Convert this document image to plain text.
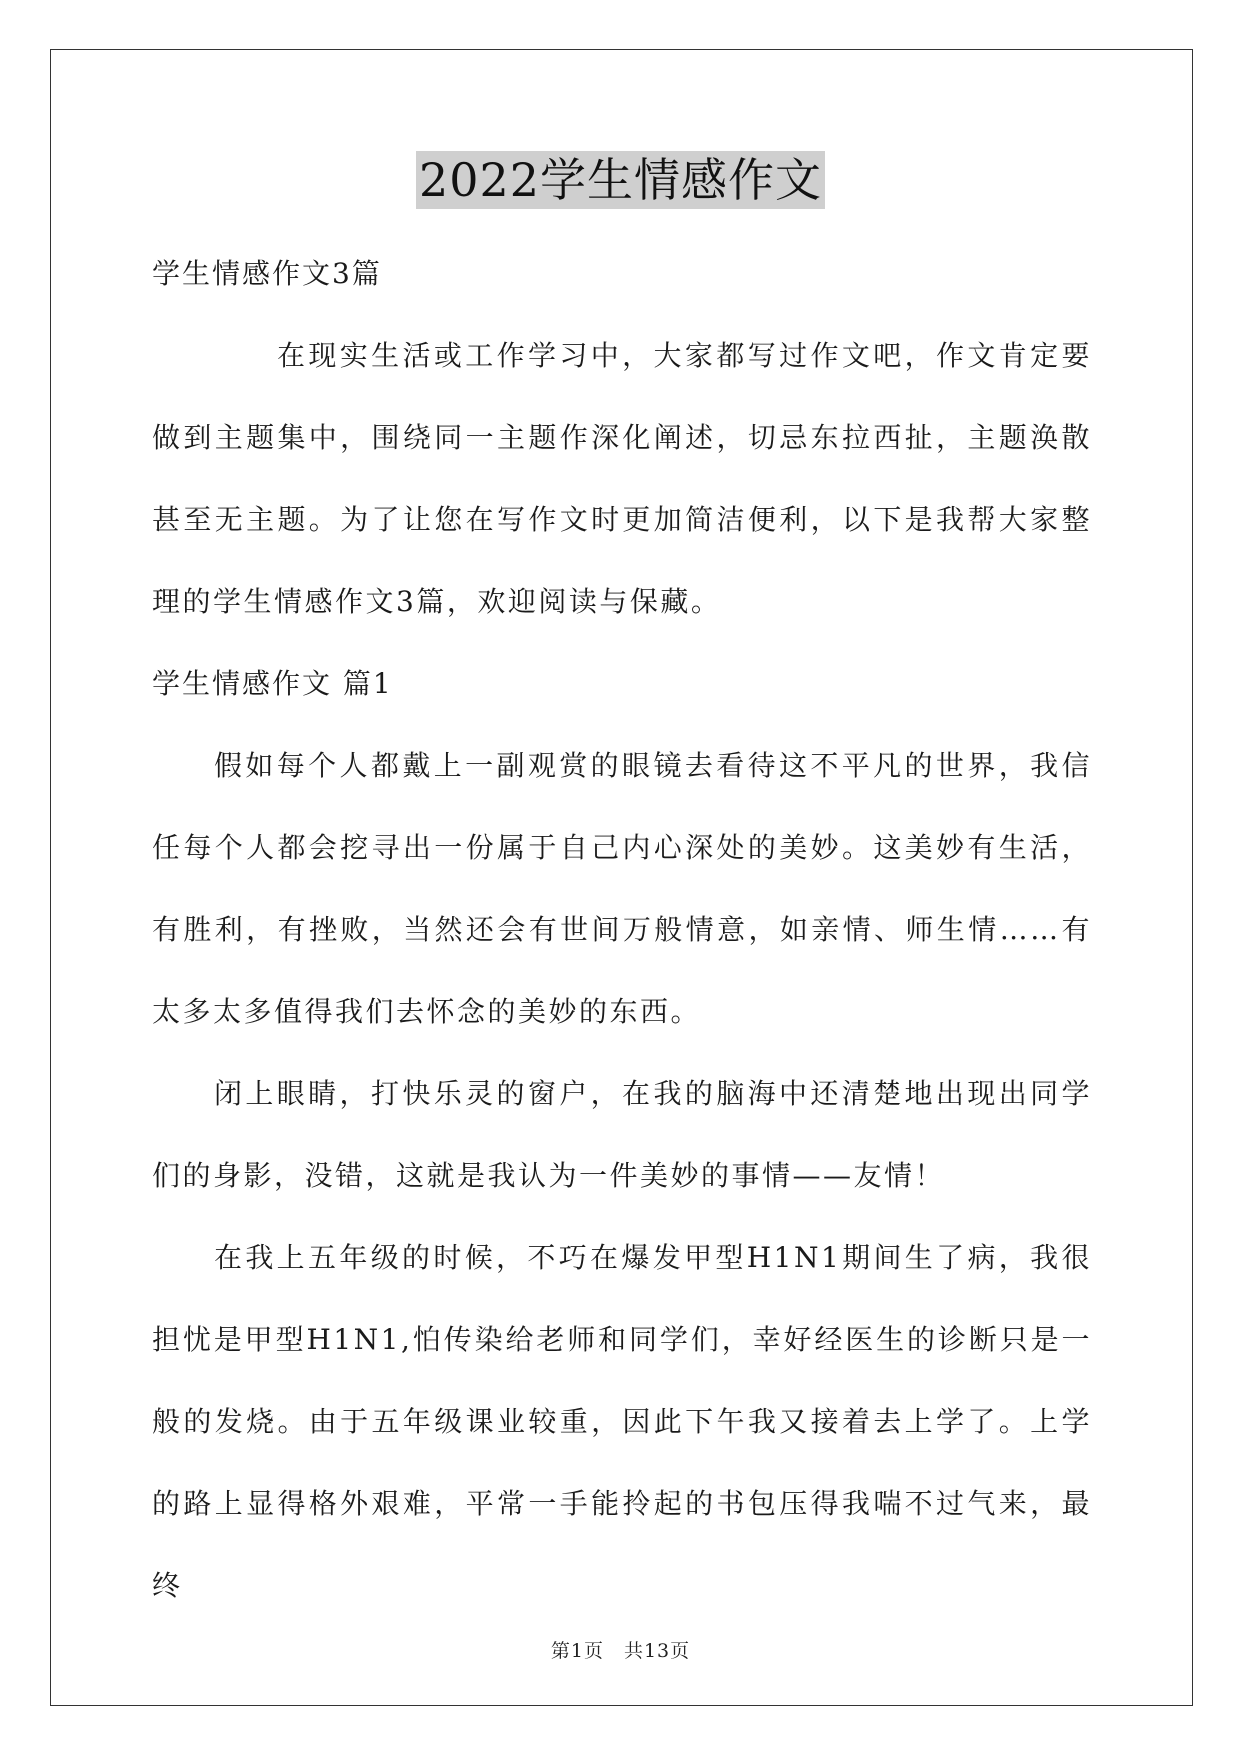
2022学生情感作文

学生情感作文3篇

在现实生活或工作学习中，大家都写过作文吧，作文肯定要做到主题集中，围绕同一主题作深化阐述，切忌东拉西扯，主题涣散甚至无主题。为了让您在写作文时更加简洁便利，以下是我帮大家整理的学生情感作文3篇，欢迎阅读与保藏。

学生情感作文 篇1

假如每个人都戴上一副观赏的眼镜去看待这不平凡的世界，我信任每个人都会挖寻出一份属于自己内心深处的美妙。这美妙有生活，有胜利，有挫败，当然还会有世间万般情意，如亲情、师生情……有太多太多值得我们去怀念的美妙的东西。

闭上眼睛，打快乐灵的窗户，在我的脑海中还清楚地出现出同学们的身影，没错，这就是我认为一件美妙的事情——友情！

在我上五年级的时候，不巧在爆发甲型H1N1期间生了病，我很担忧是甲型H1N1,怕传染给老师和同学们，幸好经医生的诊断只是一般的发烧。由于五年级课业较重，因此下午我又接着去上学了。上学的路上显得格外艰难，平常一手能拎起的书包压得我喘不过气来，最终

第1页　共13页
